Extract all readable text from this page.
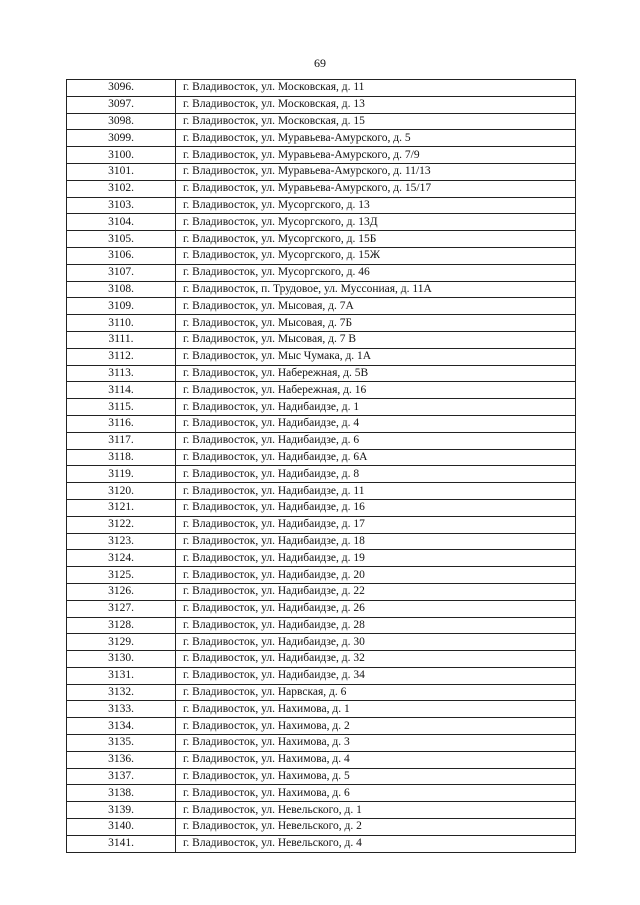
69
3096.	г. Владивосток, ул. Московская, д. 11
3097.	г. Владивосток, ул. Московская, д. 13
3098.	г. Владивосток, ул. Московская, д. 15
3099.	г. Владивосток, ул. Муравьева-Амурского, д. 5
3100.	г. Владивосток, ул. Муравьева-Амурского, д. 7/9
3101.	г. Владивосток, ул. Муравьева-Амурского, д. 11/13
3102.	г. Владивосток, ул. Муравьева-Амурского, д. 15/17
3103.	г. Владивосток, ул. Мусоргского, д. 13
3104.	г. Владивосток, ул. Мусоргского, д. 13Д
3105.	г. Владивосток, ул. Мусоргского, д. 15Б
3106.	г. Владивосток, ул. Мусоргского, д. 15Ж
3107.	г. Владивосток, ул. Мусоргского, д. 46
3108.	г. Владивосток, п. Трудовое, ул. Муссониая, д. 11А
3109.	г. Владивосток, ул. Мысовая, д. 7А
3110.	г. Владивосток, ул. Мысовая, д. 7Б
3111.	г. Владивосток, ул. Мысовая, д. 7 В
3112.	г. Владивосток, ул. Мыс Чумака, д. 1А
3113.	г. Владивосток, ул. Набережная, д. 5В
3114.	г. Владивосток, ул. Набережная, д. 16
3115.	г. Владивосток, ул. Надибаидзе, д. 1
3116.	г. Владивосток, ул. Надибаидзе, д. 4
3117.	г. Владивосток, ул. Надибаидзе, д. 6
3118.	г. Владивосток, ул. Надибаидзе, д. 6А
3119.	г. Владивосток, ул. Надибаидзе, д. 8
3120.	г. Владивосток, ул. Надибаидзе, д. 11
3121.	г. Владивосток, ул. Надибаидзе, д. 16
3122.	г. Владивосток, ул. Надибаидзе, д. 17
3123.	г. Владивосток, ул. Надибаидзе, д. 18
3124.	г. Владивосток, ул. Надибаидзе, д. 19
3125.	г. Владивосток, ул. Надибаидзе, д. 20
3126.	г. Владивосток, ул. Надибаидзе, д. 22
3127.	г. Владивосток, ул. Надибаидзе, д. 26
3128.	г. Владивосток, ул. Надибаидзе, д. 28
3129.	г. Владивосток, ул. Надибаидзе, д. 30
3130.	г. Владивосток, ул. Надибаидзе, д. 32
3131.	г. Владивосток, ул. Надибаидзе, д. 34
3132.	г. Владивосток, ул. Нарвская, д. 6
3133.	г. Владивосток, ул. Нахимова, д. 1
3134.	г. Владивосток, ул. Нахимова, д. 2
3135.	г. Владивосток, ул. Нахимова, д. 3
3136.	г. Владивосток, ул. Нахимова, д. 4
3137.	г. Владивосток, ул. Нахимова, д. 5
3138.	г. Владивосток, ул. Нахимова, д. 6
3139.	г. Владивосток, ул. Невельского, д. 1
3140.	г. Владивосток, ул. Невельского, д. 2
3141.	г. Владивосток, ул. Невельского, д. 4
